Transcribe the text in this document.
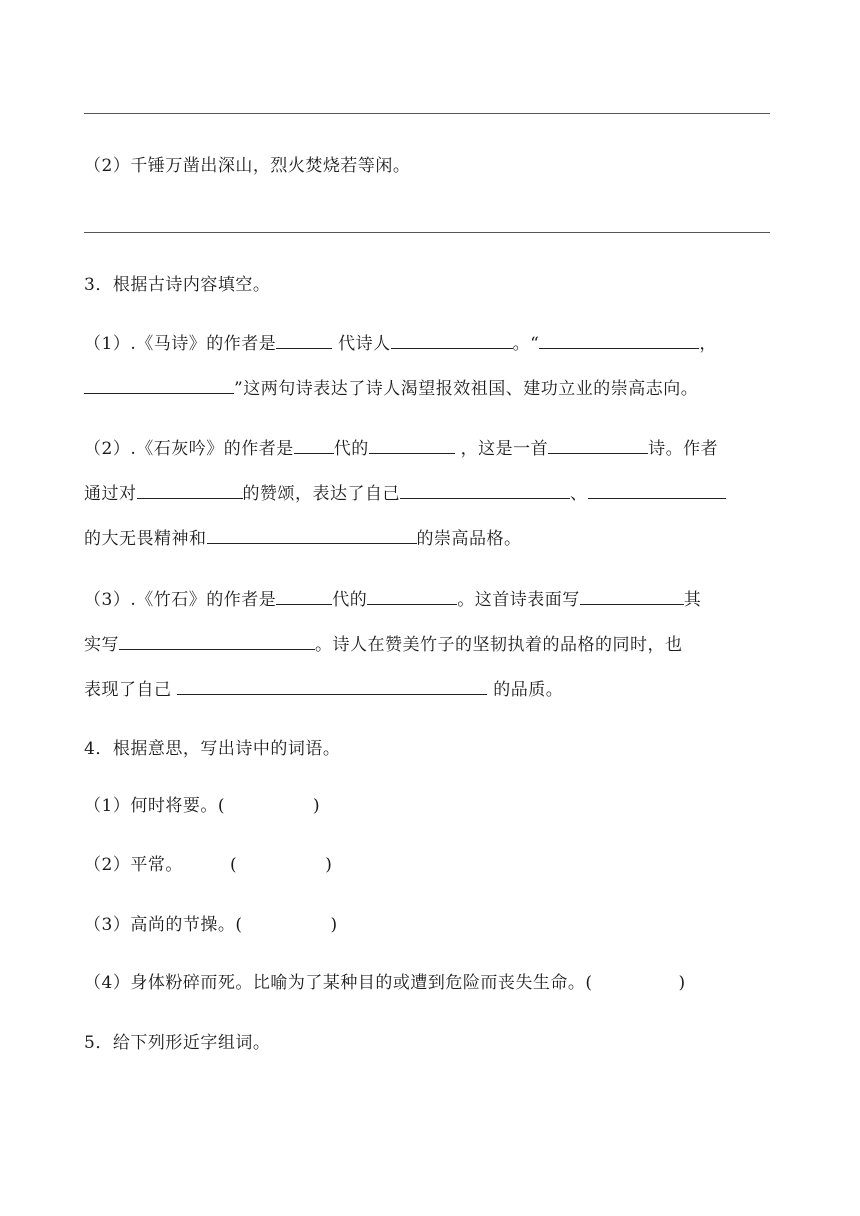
（2）千锤万凿出深山，烈火焚烧若等闲。
3．根据古诗内容填空。
（1）.《马诗》的作者是	代诗人	。“	，
”这两句诗表达了诗人渴望报效祖国、建功立业的崇高志向。
（2）.《石灰吟》的作者是 代的	，这是一首	诗。作者
通过对	的赞颂，表达了自己	、
的大无畏精神和	的崇高品格。
（3）.《竹石》的作者是	代的	。这首诗表面写	其
实写	。诗人在赞美竹子的坚韧执着的品格的同时，也
表现了自己	的品质。
4．根据意思，写出诗中的词语。
（1）何时将要。(	)
（2）平常。        (	)
（3）高尚的节操。(	)
（4）身体粉碎而死。比喻为了某种目的或遭到危险而丧失生命。(	)
5．给下列形近字组词。
